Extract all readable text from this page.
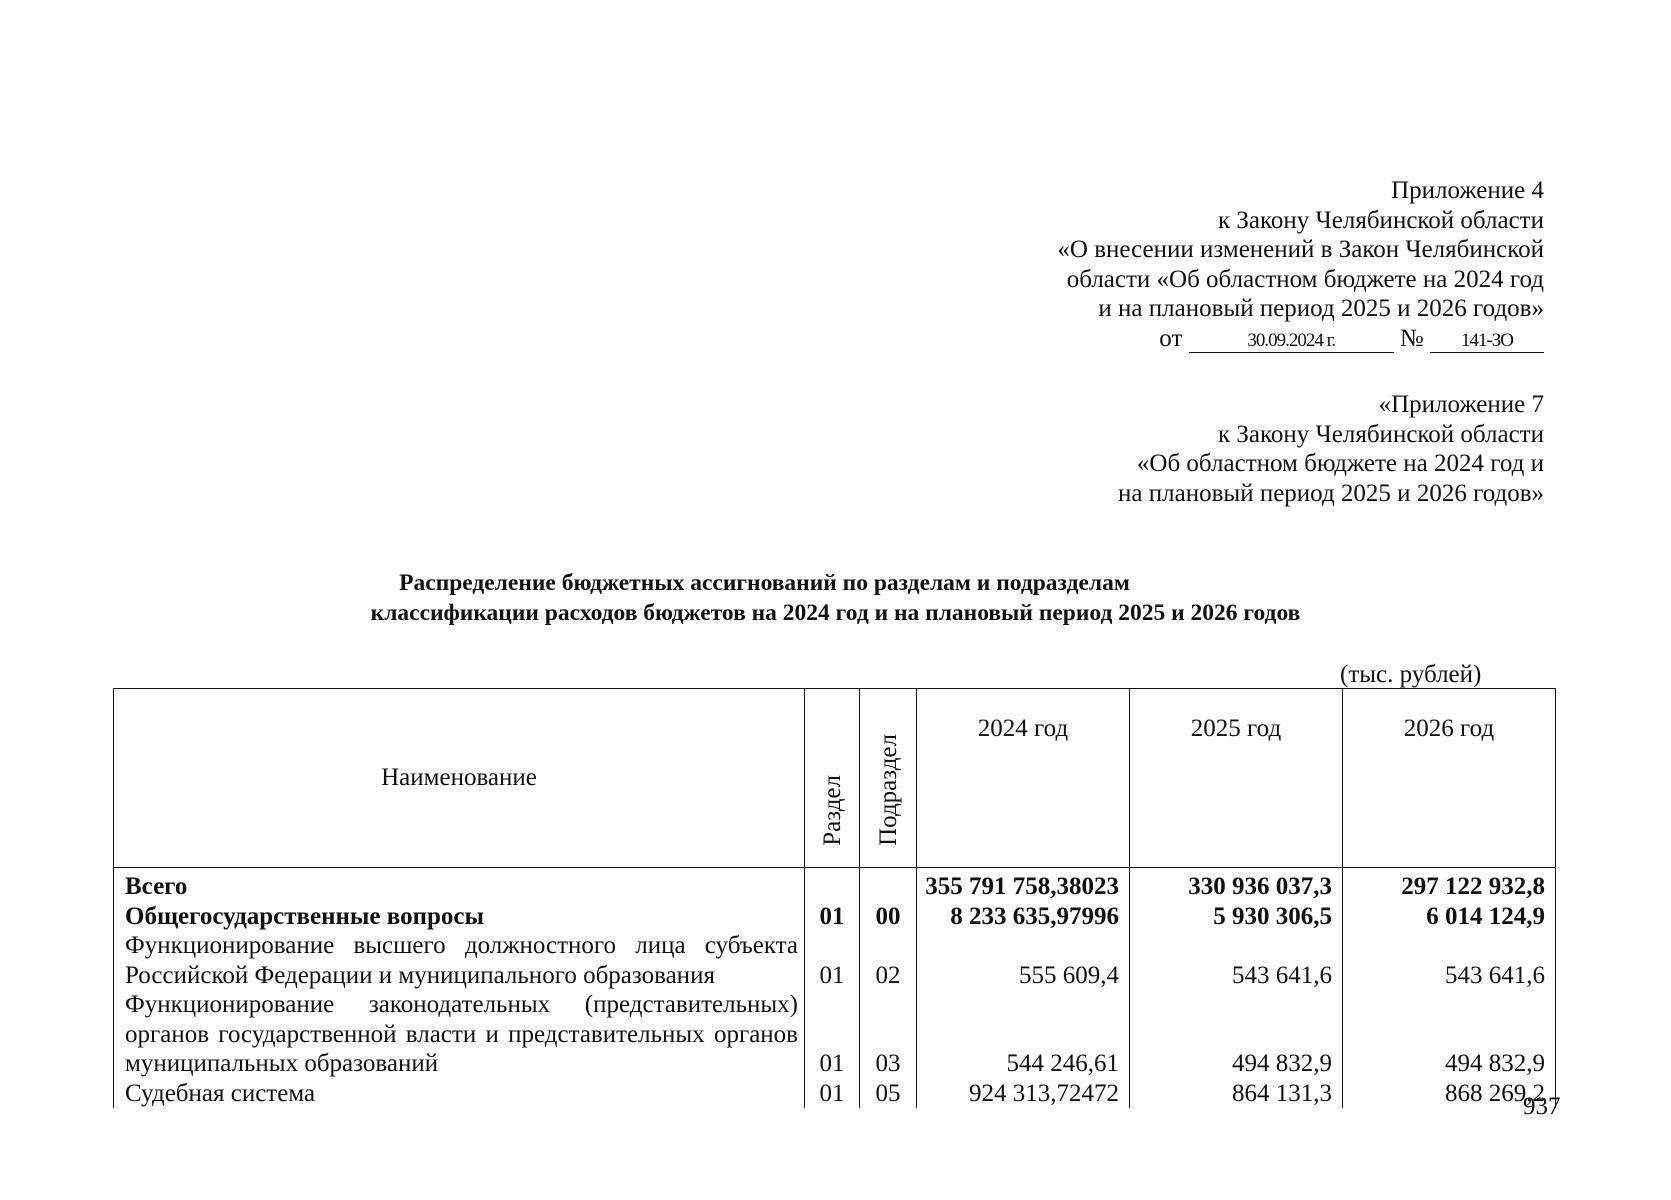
Приложение 4
к Закону Челябинской области
«О внесении изменений в Закон Челябинской
области «Об областном бюджете на 2024 год
и на плановый период 2025 и 2026 годов»
от	30.09.2024 г.	№ 141-ЗО
«Приложение 7
к Закону Челябинской области
«Об областном бюджете на 2024 год и
на плановый период 2025 и 2026 годов»
Распределение бюджетных ассигнований по разделам и подразделам
классификации расходов бюджетов на 2024 год и на плановый период 2025 и 2026 годов
(тыс. рублей)
Наименование	Раздел	Подраздел	2024 год	2025 год	2026 год
Всего			355 791 758,38023	330 936 037,3	297 122 932,8
Общегосударственные вопросы	01	00	8 233 635,97996	5 930 306,5	6 014 124,9
Функционирование высшего должностного лица субъекта Российской Федерации и муниципального образования	01	02	555 609,4	543 641,6	543 641,6
Функционирование законодательных (представительных) органов государственной власти и представительных органов муниципальных образований	01	03	544 246,61	494 832,9	494 832,9
Судебная система	01	05	924 313,72472	864 131,3	868 269,2
937
